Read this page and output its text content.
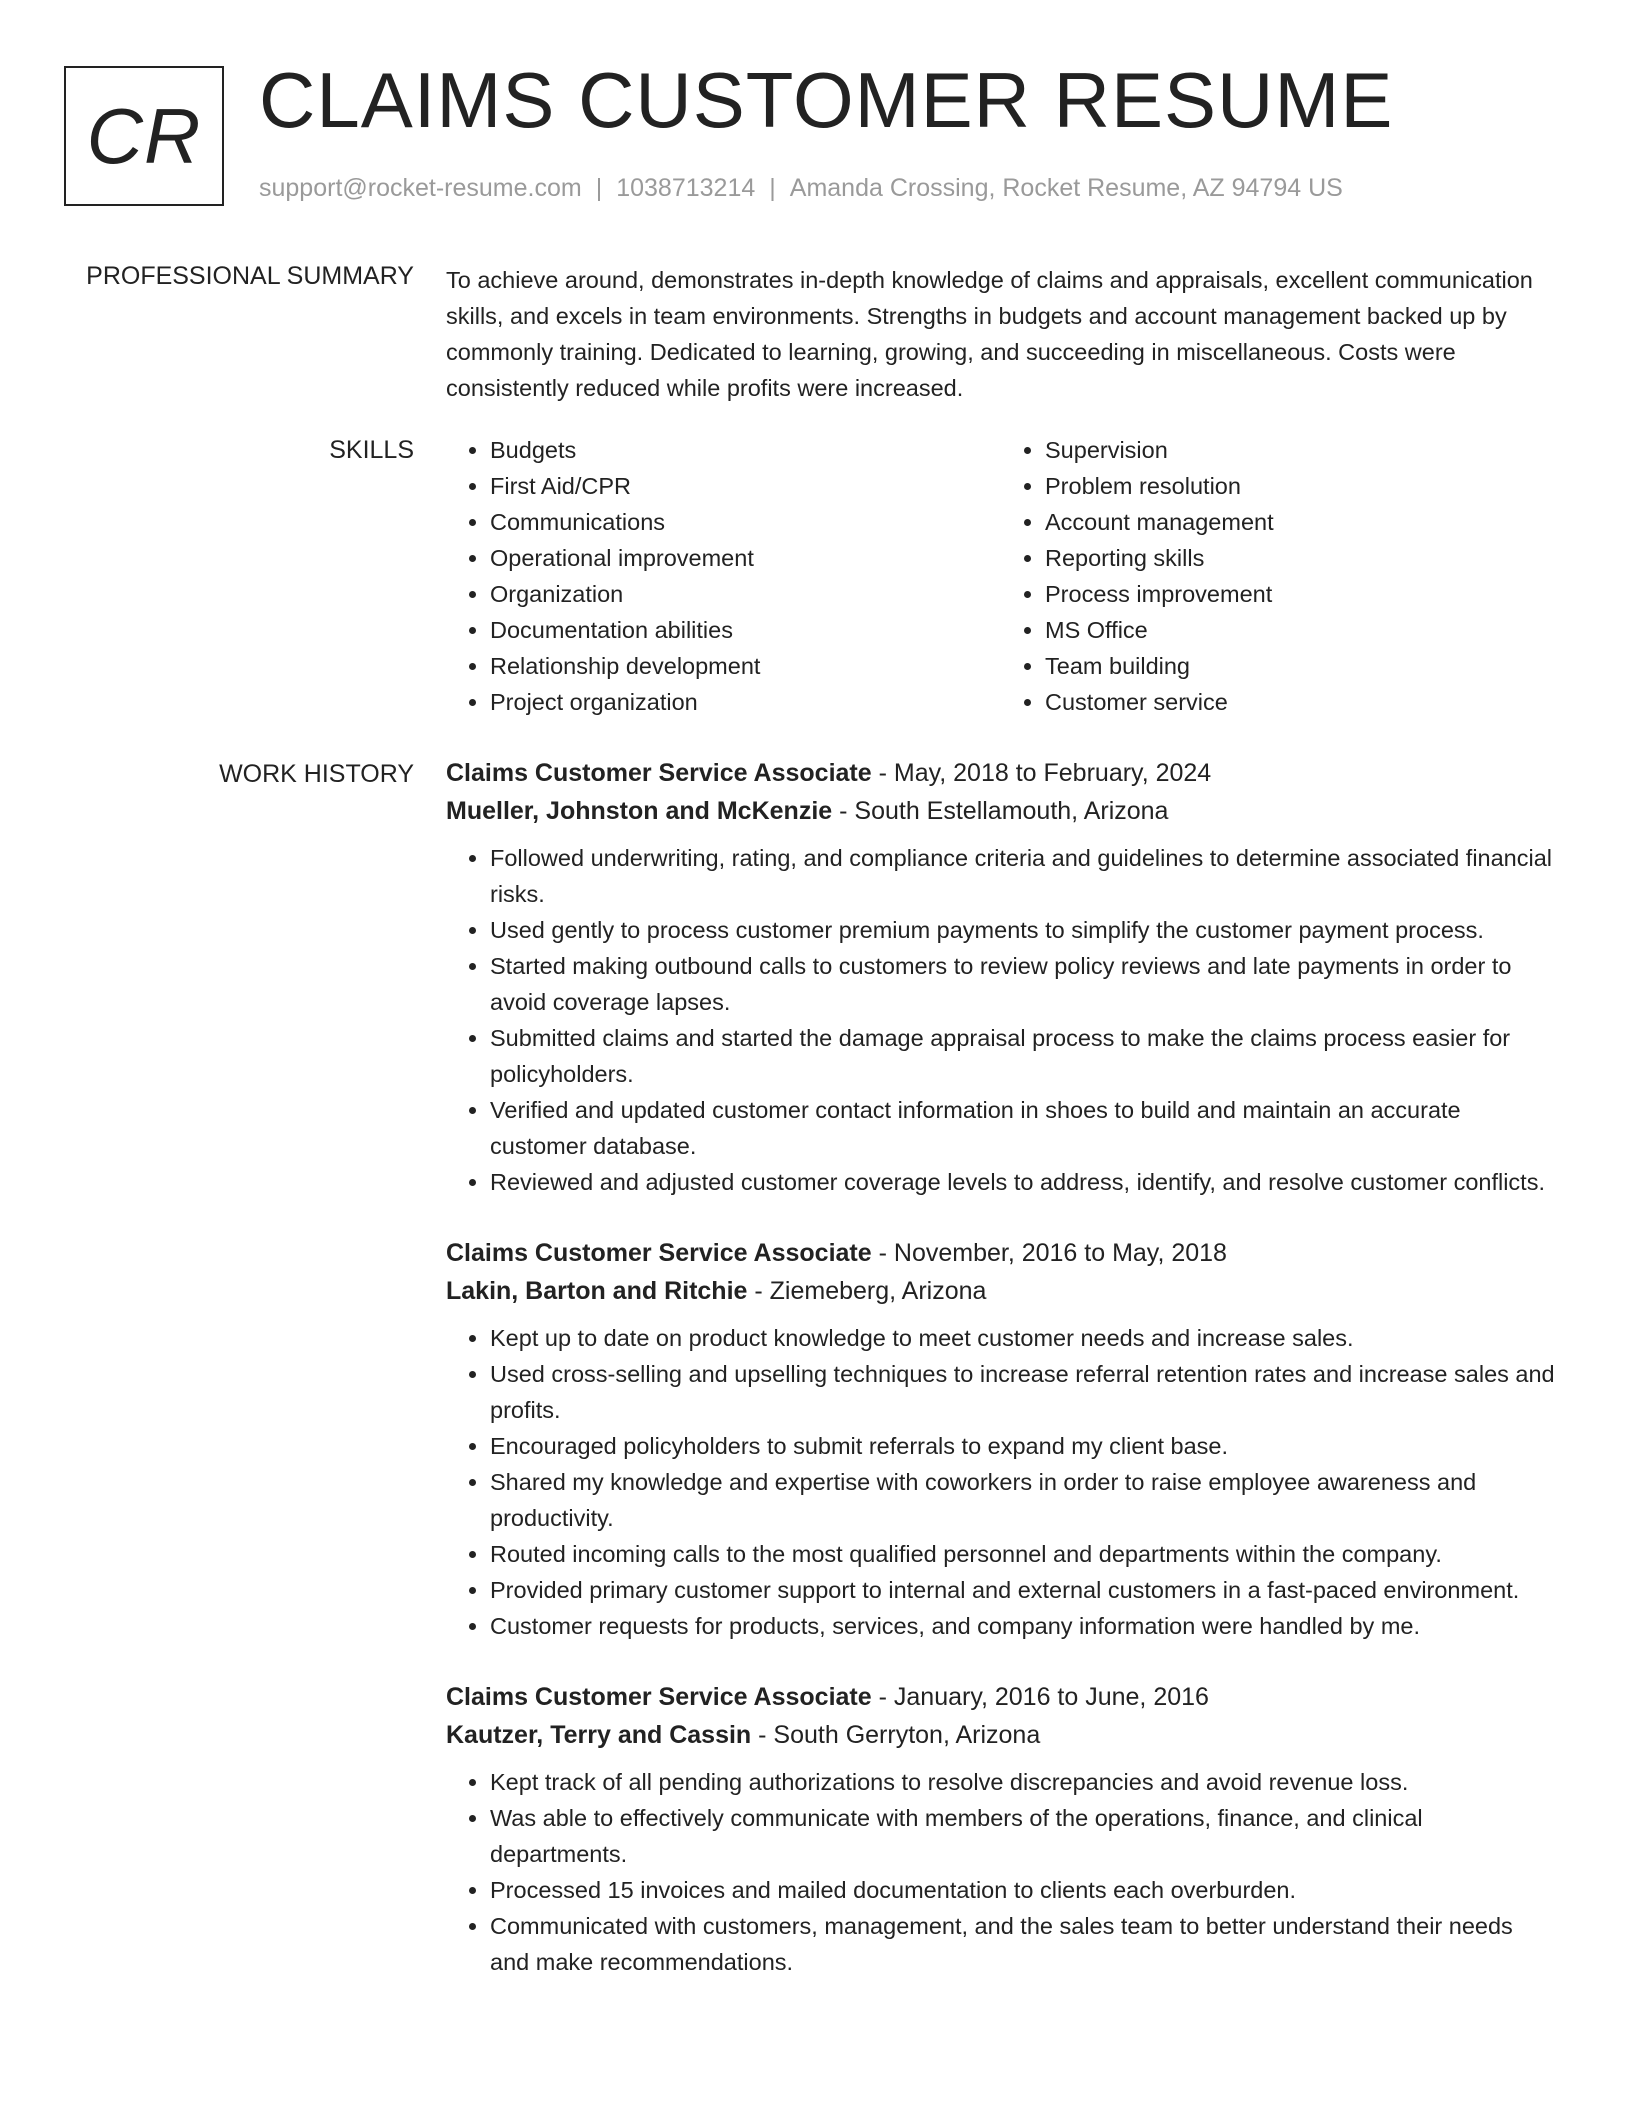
CR CLAIMS CUSTOMER RESUME
support@rocket-resume.com | 1038713214 | Amanda Crossing, Rocket Resume, AZ 94794 US
PROFESSIONAL SUMMARY To achieve around, demonstrates in-depth knowledge of claims and appraisals, excellent communication skills, and excels in team environments. Strengths in budgets and account management backed up by commonly training. Dedicated to learning, growing, and succeeding in miscellaneous. Costs were consistently reduced while profits were increased.

SKILLS
•	Budgets
• First Aid/CPR
• Communications
• Operational improvement
• Organization
• Documentation abilities
• Relationship development
• Project organization
• Supervision
• Problem resolution
• Account management
• Reporting skills
• Process improvement
• MS Office
• Team building
• Customer service
WORK HISTORY Claims Customer Service Associate - May, 2018 to February, 2024
Mueller, Johnston and McKenzie - South Estellamouth, Arizona
• Followed underwriting, rating, and compliance criteria and guidelines to determine associated financial risks.
• Used gently to process customer premium payments to simplify the customer payment process.
• Started making outbound calls to customers to review policy reviews and late payments in order to avoid coverage lapses.
• Submitted claims and started the damage appraisal process to make the claims process easier for policyholders.
• Verified and updated customer contact information in shoes to build and maintain an accurate customer database.
• Reviewed and adjusted customer coverage levels to address, identify, and resolve customer conflicts.
Claims Customer Service Associate - November, 2016 to May, 2018
Lakin, Barton and Ritchie - Ziemeberg, Arizona
• Kept up to date on product knowledge to meet customer needs and increase sales.
• Used cross-selling and upselling techniques to increase referral retention rates and increase sales and profits.
• Encouraged policyholders to submit referrals to expand my client base.
• Shared my knowledge and expertise with coworkers in order to raise employee awareness and productivity.
• Routed incoming calls to the most qualified personnel and departments within the company.
• Provided primary customer support to internal and external customers in a fast-paced environment.
• Customer requests for products, services, and company information were handled by me.
Claims Customer Service Associate - January, 2016 to June, 2016
Kautzer, Terry and Cassin - South Gerryton, Arizona
• Kept track of all pending authorizations to resolve discrepancies and avoid revenue loss.
• Was able to effectively communicate with members of the operations, finance, and clinical departments.
• Processed 15 invoices and mailed documentation to clients each overburden.
• Communicated with customers, management, and the sales team to better understand their needs and make recommendations.
